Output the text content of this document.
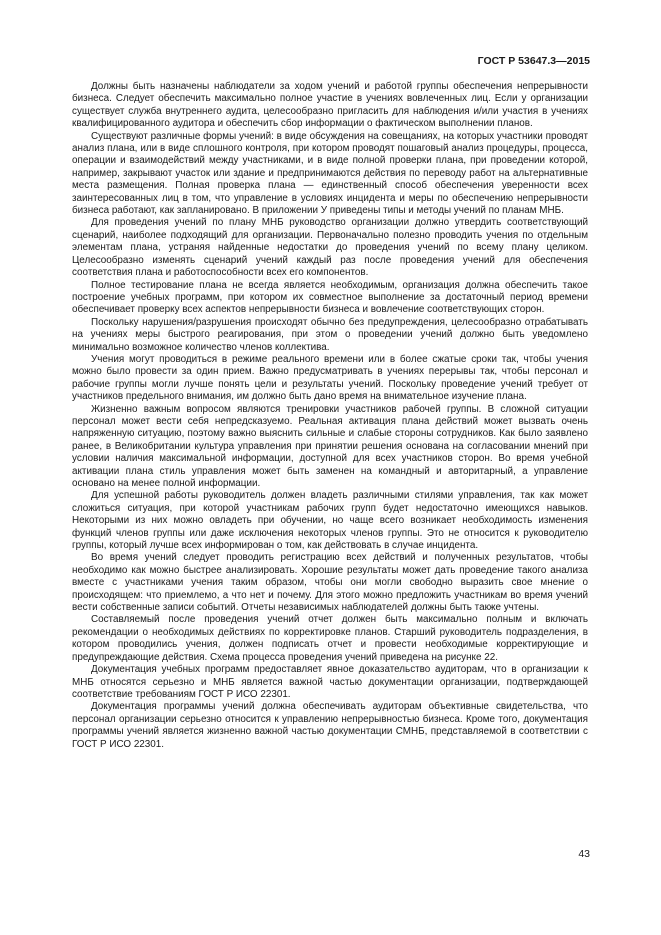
ГОСТ Р 53647.3—2015

Должны быть назначены наблюдатели за ходом учений и работой группы обеспечения непрерывности бизнеса. Следует обеспечить максимально полное участие в учениях вовлеченных лиц. Если у организации существует служба внутреннего аудита, целесообразно пригласить для наблюдения и/или участия в учениях квалифицированного аудитора и обеспечить сбор информации о фактическом выполнении планов.

Существуют различные формы учений: в виде обсуждения на совещаниях, на которых участники проводят анализ плана, или в виде сплошного контроля, при котором проводят пошаговый анализ процедуры, процесса, операции и взаимодействий между участниками, и в виде полной проверки плана, при проведении которой, например, закрывают участок или здание и предпринимаются действия по переводу работ на альтернативные места размещения. Полная проверка плана — единственный способ обеспечения уверенности всех заинтересованных лиц в том, что управление в условиях инцидента и меры по обеспечению непрерывности бизнеса работают, как запланировано. В приложении У приведены типы и методы учений по планам МНБ.

Для проведения учений по плану МНБ руководство организации должно утвердить соответствующий сценарий, наиболее подходящий для организации. Первоначально полезно проводить учения по отдельным элементам плана, устраняя найденные недостатки до проведения учений по всему плану целиком. Целесообразно изменять сценарий учений каждый раз после проведения учений для обеспечения соответствия плана и работоспособности всех его компонентов.

Полное тестирование плана не всегда является необходимым, организация должна обеспечить такое построение учебных программ, при котором их совместное выполнение за достаточный период времени обеспечивает проверку всех аспектов непрерывности бизнеса и вовлечение соответствующих сторон.

Поскольку нарушения/разрушения происходят обычно без предупреждения, целесообразно отрабатывать на учениях меры быстрого реагирования, при этом о проведении учений должно быть уведомлено минимально возможное количество членов коллектива.

Учения могут проводиться в режиме реального времени или в более сжатые сроки так, чтобы учения можно было провести за один прием. Важно предусматривать в учениях перерывы так, чтобы персонал и рабочие группы могли лучше понять цели и результаты учений. Поскольку проведение учений требует от участников предельного внимания, им должно быть дано время на внимательное изучение плана.

Жизненно важным вопросом являются тренировки участников рабочей группы. В сложной ситуации персонал может вести себя непредсказуемо. Реальная активация плана действий может вызвать очень напряженную ситуацию, поэтому важно выяснить сильные и слабые стороны сотрудников. Как было заявлено ранее, в Великобритании культура управления при принятии решения основана на согласовании мнений при условии наличия максимальной информации, доступной для всех участников сторон. Во время учебной активации плана стиль управления может быть заменен на командный и авторитарный, а управление основано на менее полной информации.

Для успешной работы руководитель должен владеть различными стилями управления, так как может сложиться ситуация, при которой участникам рабочих групп будет недостаточно имеющихся навыков. Некоторыми из них можно овладеть при обучении, но чаще всего возникает необходимость изменения функций членов группы или даже исключения некоторых членов группы. Это не относится к руководителю группы, который лучше всех информирован о том, как действовать в случае инцидента.

Во время учений следует проводить регистрацию всех действий и полученных результатов, чтобы необходимо как можно быстрее анализировать. Хорошие результаты может дать проведение такого анализа вместе с участниками учения таким образом, чтобы они могли свободно выразить свое мнение о происходящем: что приемлемо, а что нет и почему. Для этого можно предложить участникам во время учений вести собственные записи событий. Отчеты независимых наблюдателей должны быть также учтены.

Составляемый после проведения учений отчет должен быть максимально полным и включать рекомендации о необходимых действиях по корректировке планов. Старший руководитель подразделения, в котором проводились учения, должен подписать отчет и провести необходимые корректирующие и предупреждающие действия. Схема процесса проведения учений приведена на рисунке 22.

Документация учебных программ предоставляет явное доказательство аудиторам, что в организации к МНБ относятся серьезно и МНБ является важной частью документации организации, подтверждающей соответствие требованиям ГОСТ Р ИСО 22301.

Документация программы учений должна обеспечивать аудиторам объективные свидетельства, что персонал организации серьезно относится к управлению непрерывностью бизнеса. Кроме того, документация программы учений является жизненно важной частью документации СМНБ, представляемой в соответствии с ГОСТ Р ИСО 22301.

43
